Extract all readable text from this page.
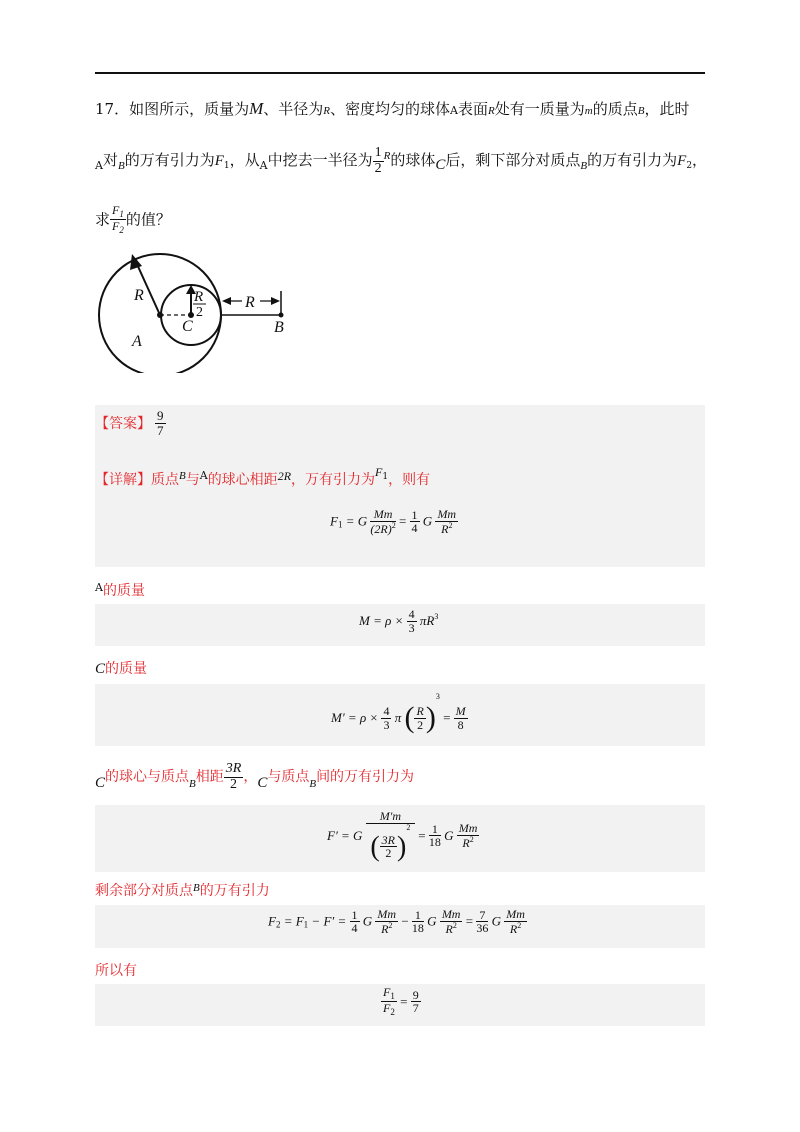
17．如图所示，质量为M、半径为R、密度均匀的球体A表面R处有一质量为m的质点B，此时
$_A$对$_B$的万有引力为$F_1$，从$_A$中挖去一半径为 $\frac{1}{2} ^R$的球体C后，剩下部分对质点$_B$的万有引力为$F_2$，
求 $\frac{F_1}{F_2}$ 的值？
R	R
2
R
C	B
A
【答案】 $\frac{9}{7}$
【详解】质点$^B$与$^A$的球心相距2R，万有引力为$F^1$，则有
$F_1 = G \frac{Mm}{(2R)^2} = \frac{1}{4}$ G $\frac{Mm}{R^2}$
$^A$的质量
$M = \rho \times \frac{4}{3} \pi R^3$
C的质量
$M' = \rho \times \frac{4}{3}$ π ( $\frac{R}{2} )^3 = \frac{M}{8}$
C的球心与质点$_B$相距 $\frac{3R}{2}$ ，C与质点$_B$间的万有引力为
F′ = G $\frac{M'm}{( \frac{3R}{2} )^2} = \frac{1}{18}$ G $\frac{Mm}{R^2}$
剩余部分对质点$^B$的万有引力
$F_2 = F_1 - F' = \frac{1}{4}$ G $\frac{Mm}{R^2} - \frac{1}{18}$ G $\frac{Mm}{R^2} = \frac{7}{36}$ G $\frac{Mm}{R^2}$
所以有
$\frac{F_1}{F_2} = \frac{9}{7}$
